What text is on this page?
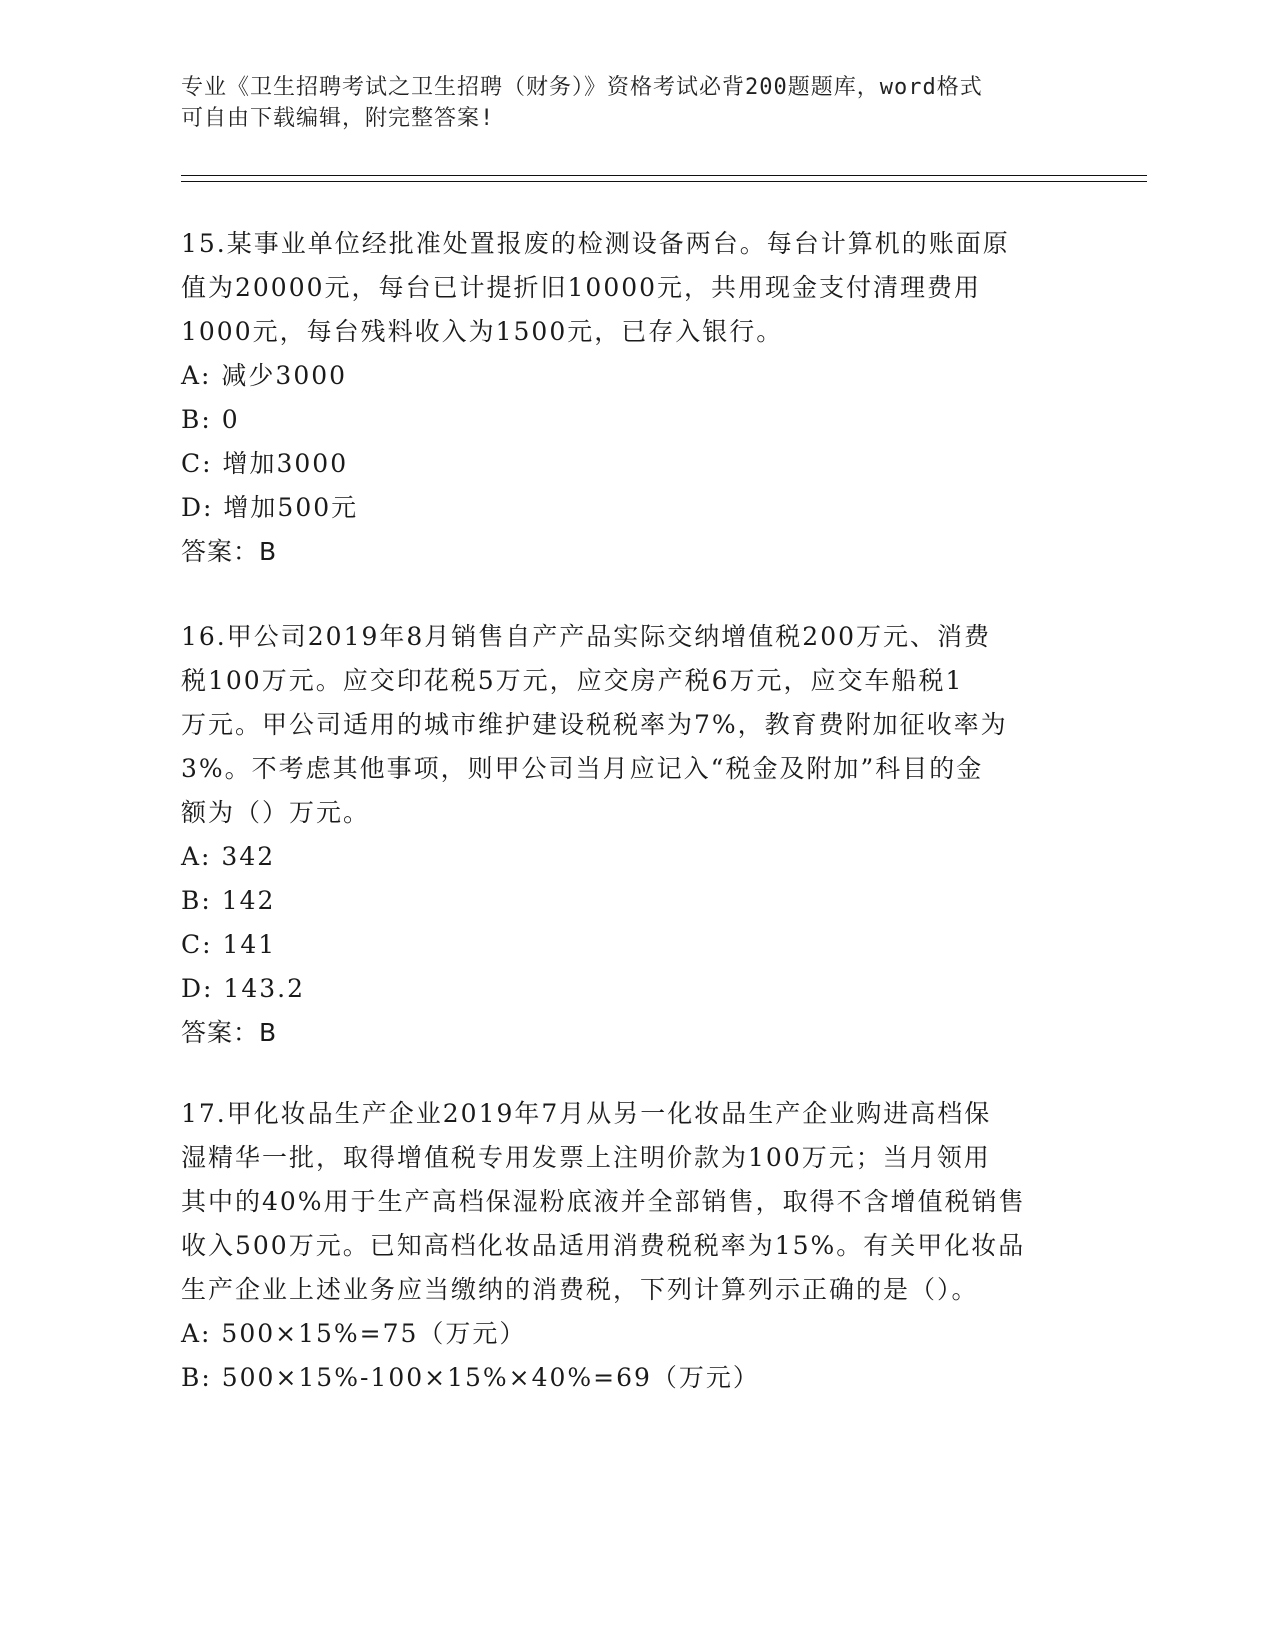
专业《卫生招聘考试之卫生招聘（财务）》资格考试必背200题题库，word格式
可自由下载编辑，附完整答案!

15.某事业单位经批准处置报废的检测设备两台。每台计算机的账面原

值为20000元，每台已计提折旧10000元，共用现金支付清理费用

1000元，每台残料收入为1500元，已存入银行。

A: 减少3000

B: 0

C: 增加3000

D: 增加500元

答案：B

16.甲公司2019年8月销售自产产品实际交纳增值税200万元、消费

税100万元。应交印花税5万元，应交房产税6万元，应交车船税1

万元。甲公司适用的城市维护建设税税率为7%，教育费附加征收率为

3%。不考虑其他事项，则甲公司当月应记入“税金及附加”科目的金

额为（）万元。

A: 342

B: 142

C: 141

D: 143.2

答案：B

17.甲化妆品生产企业2019年7月从另一化妆品生产企业购进高档保

湿精华一批，取得增值税专用发票上注明价款为100万元；当月领用

其中的40%用于生产高档保湿粉底液并全部销售，取得不含增值税销售

收入500万元。已知高档化妆品适用消费税税率为15%。有关甲化妆品

生产企业上述业务应当缴纳的消费税，下列计算列示正确的是（）。

A: 500×15%=75（万元）

B: 500×15%-100×15%×40%=69（万元）
